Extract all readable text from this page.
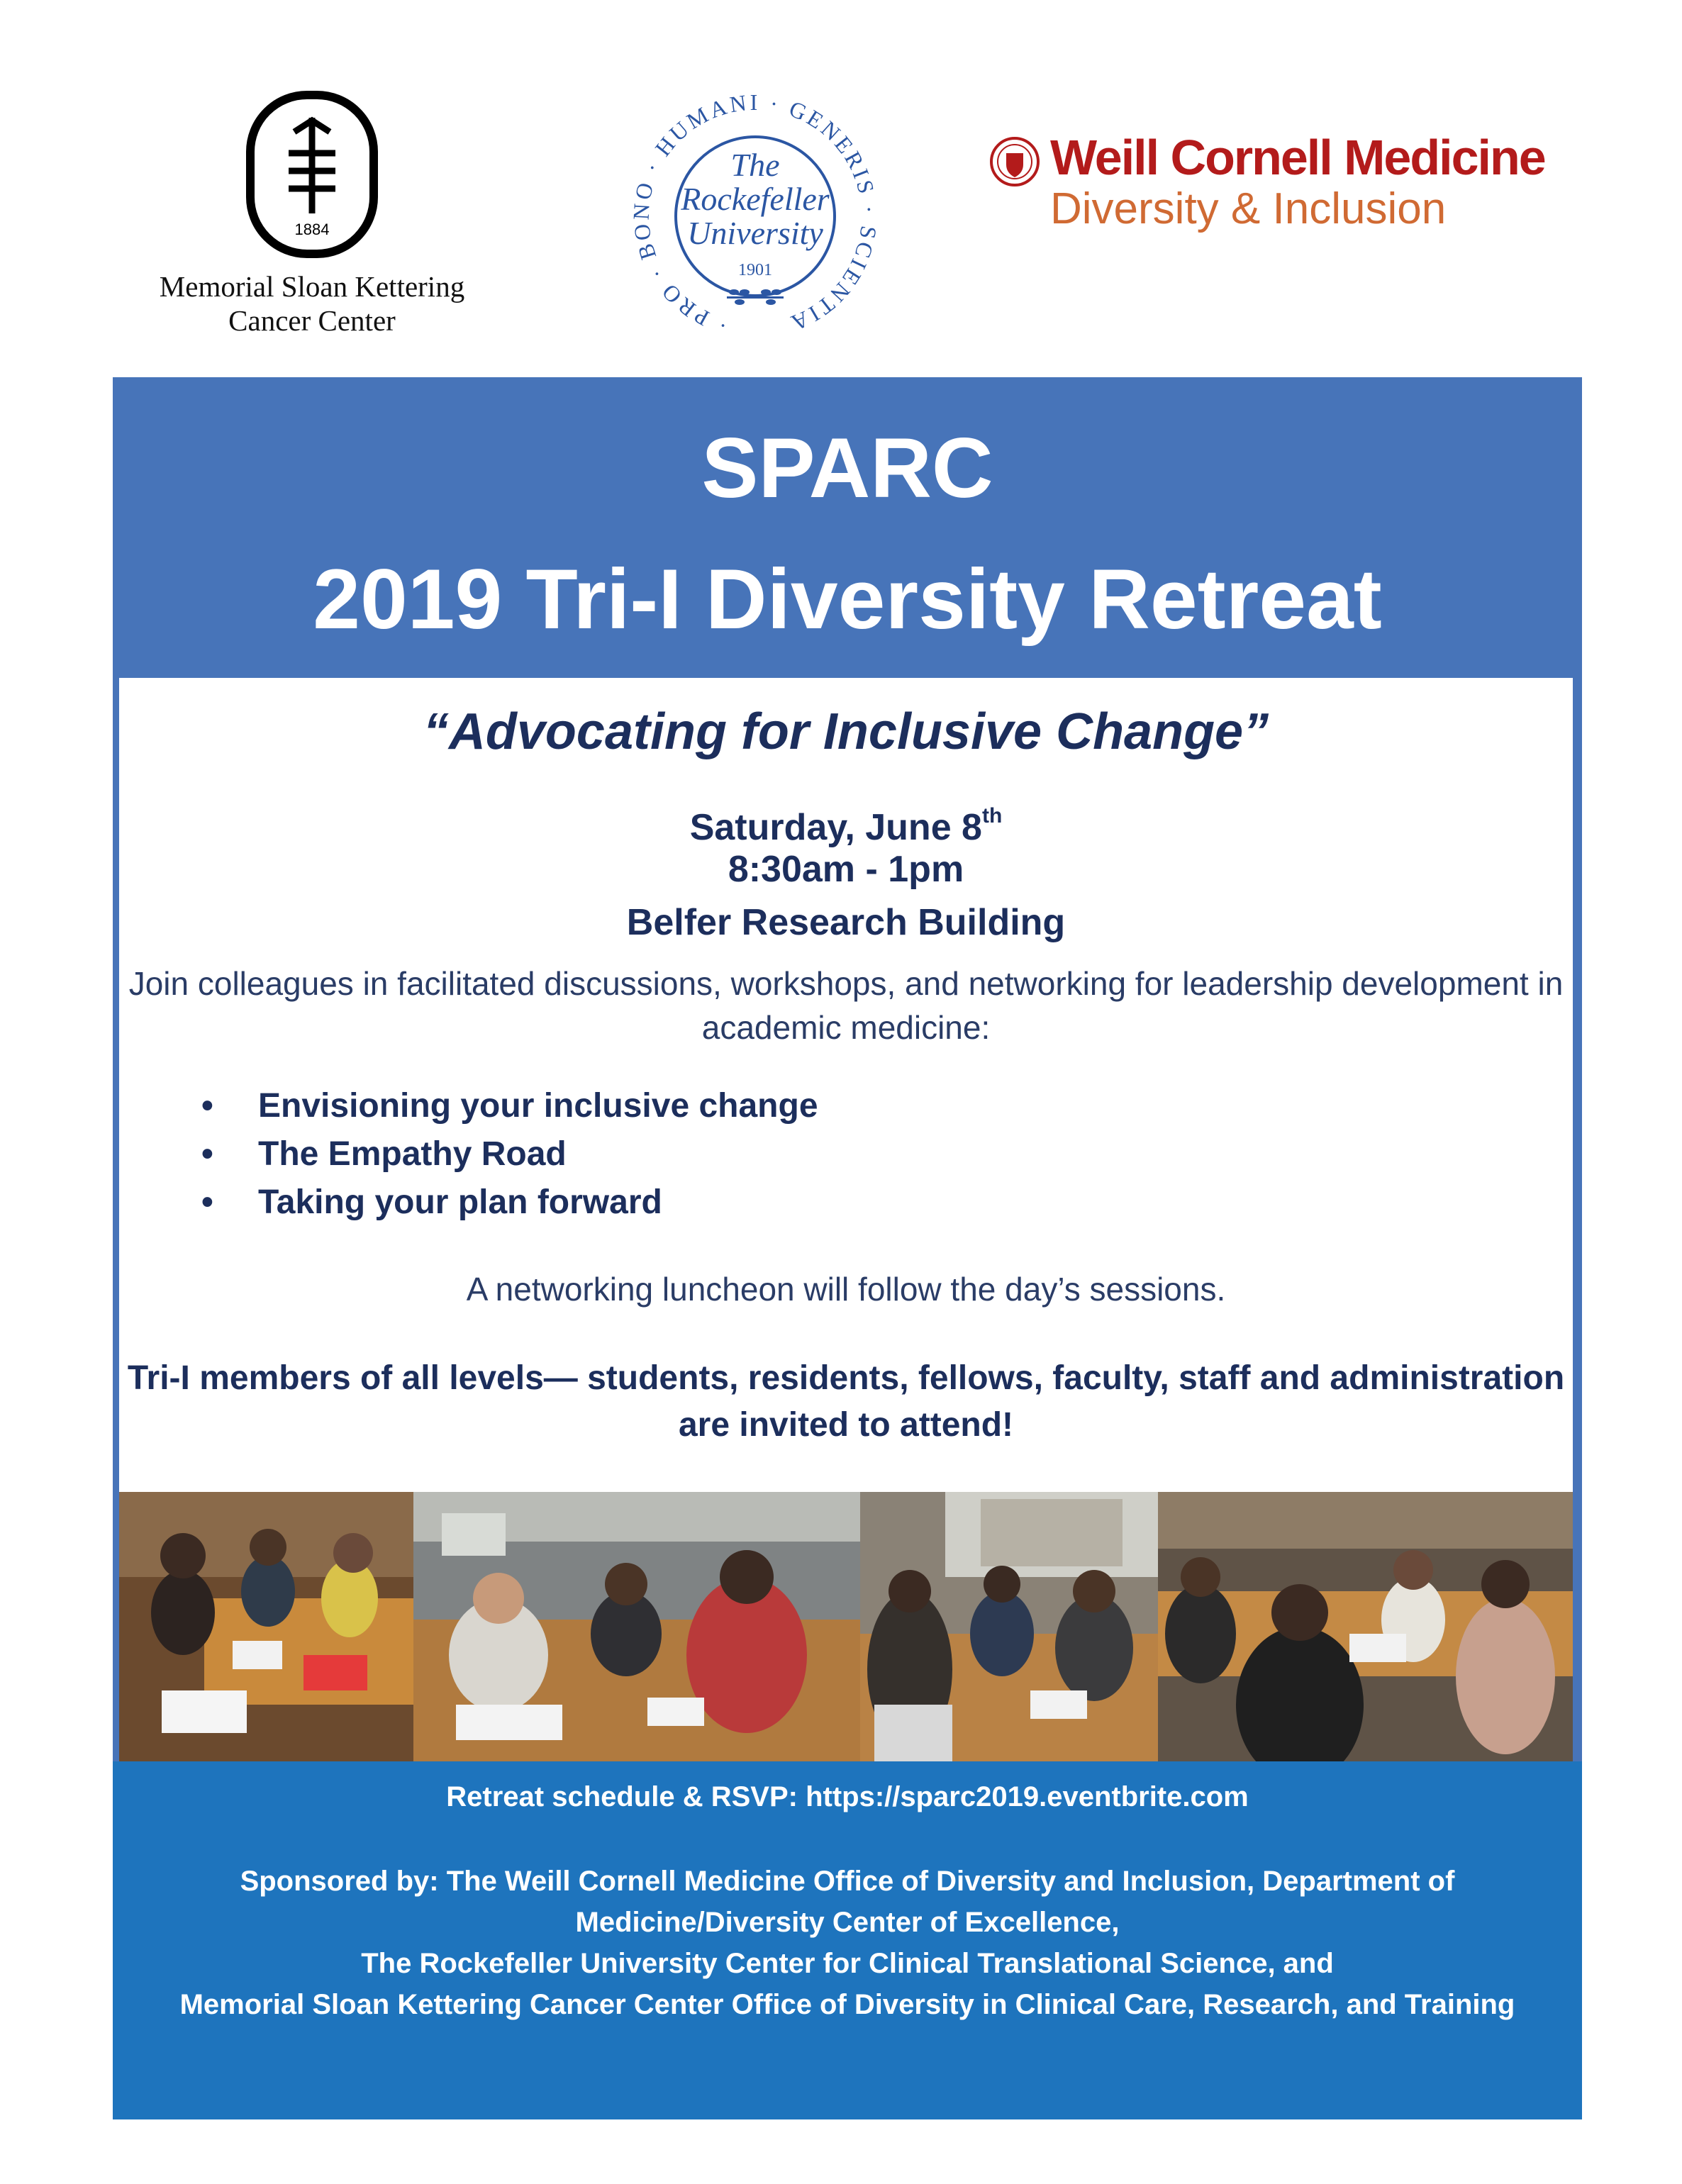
1884
Memorial Sloan Kettering
Cancer Center	· PRO · BONO · HUMANI · GENERIS · SCIENTIA
The
Rockefeller
University
1901
Weill Cornell Medicine
Diversity & Inclusion
SPARC
2019 Tri-I Diversity Retreat
“Advocating for Inclusive Change”
Saturday, June 8th
8:30am - 1pm
Belfer Research Building
Join colleagues in facilitated discussions, workshops, and networking for leadership development in academic medicine:
• Envisioning your inclusive change
• The Empathy Road
• Taking your plan forward
A networking luncheon will follow the day’s sessions.
Tri-I members of all levels— students, residents, fellows, faculty, staff and administration are invited to attend!
Retreat schedule & RSVP: https://sparc2019.eventbrite.com
Sponsored by: The Weill Cornell Medicine Office of Diversity and Inclusion, Department of
Medicine/Diversity Center of Excellence,
The Rockefeller University Center for Clinical Translational Science, and
Memorial Sloan Kettering Cancer Center Office of Diversity in Clinical Care, Research, and Training
